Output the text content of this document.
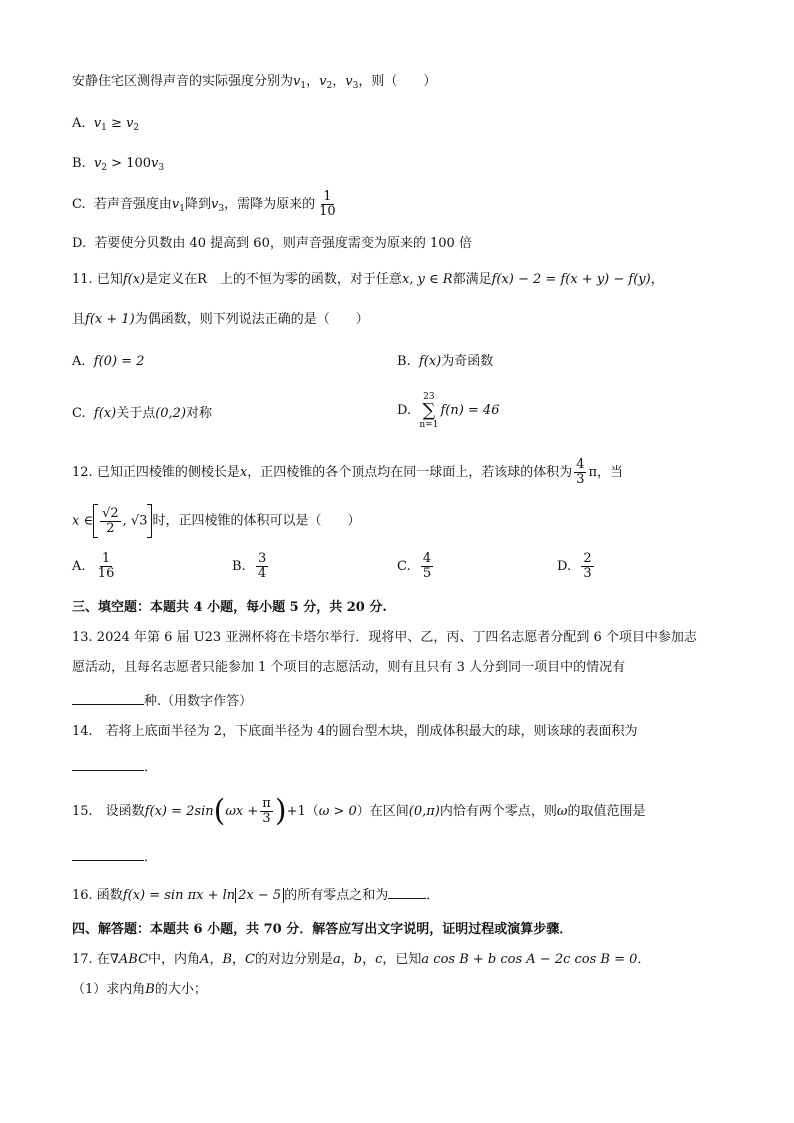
安静住宅区测得声音的实际强度分别为$v_1$，$v_2$，$v_3$，则（　　）
A. $v_1 \ge v_2$
B. $v_2 > 100v_3$
C. 若声音强度由$v_1$降到$v_3$，需降为原来的 $\frac{1}{10}$
D. 若要使分贝数由 40 提高到 60，则声音强度需变为原来的 100 倍
11. 已知f(x)是定义在R　上的不恒为零的函数，对于任意x, y ∈ R都满足f(x) − 2 = f(x + y) − f(y)，
且f(x + 1)为偶函数，则下列说法正确的是（　　）
A. f(0) = 2	B. f(x)为奇函数
C. f(x)关于点(0,2)对称	D.
23
∑
n=1
f(n) = 46
12. 已知正四棱锥的侧棱长是x，正四棱锥的各个顶点均在同一球面上，若该球的体积为 $\frac{4}{3}$ π，当
x ∈ $\frac{√2}{2}$ , √3 时，正四棱锥的体积可以是（　　）
A. $\frac{1}{16}$	B. $\frac{3}{4}$	C. $\frac{4}{5}$	D. $\frac{2}{3}$
三、填空题：本题共 4 小题，每小题 5 分，共 20 分.
13. 2024 年第 6 届 U23 亚洲杯将在卡塔尔举行．现将甲、乙，丙、丁四名志愿者分配到 6 个项目中参加志
愿活动，且每名志愿者只能参加 1 个项目的志愿活动，则有且只有 3 人分到同一项目中的情况有
种.（用数字作答）
14.　若将上底面半径为 2，下底面半径为 4的圆台型木块，削成体积最大的球，则该球的表面积为
．
15.　设函数$f(x) = 2\sin(\omega x + \frac{\pi}{3} )+1(\omega > 0)$在区间(0,π)内恰有两个零点，则ω的取值范围是
．
16. 函数f(x) = sin πx + ln 2x − 5 的所有零点之和为	．
四、解答题：本题共 6 小题，共 70 分．解答应写出文字说明，证明过程或演算步骤．
17. 在∇ABC中，内角A，B，C的对边分别是a，b，c，已知a cos B + b cos A − 2c cos B = 0．
（1）求内角B的大小；
